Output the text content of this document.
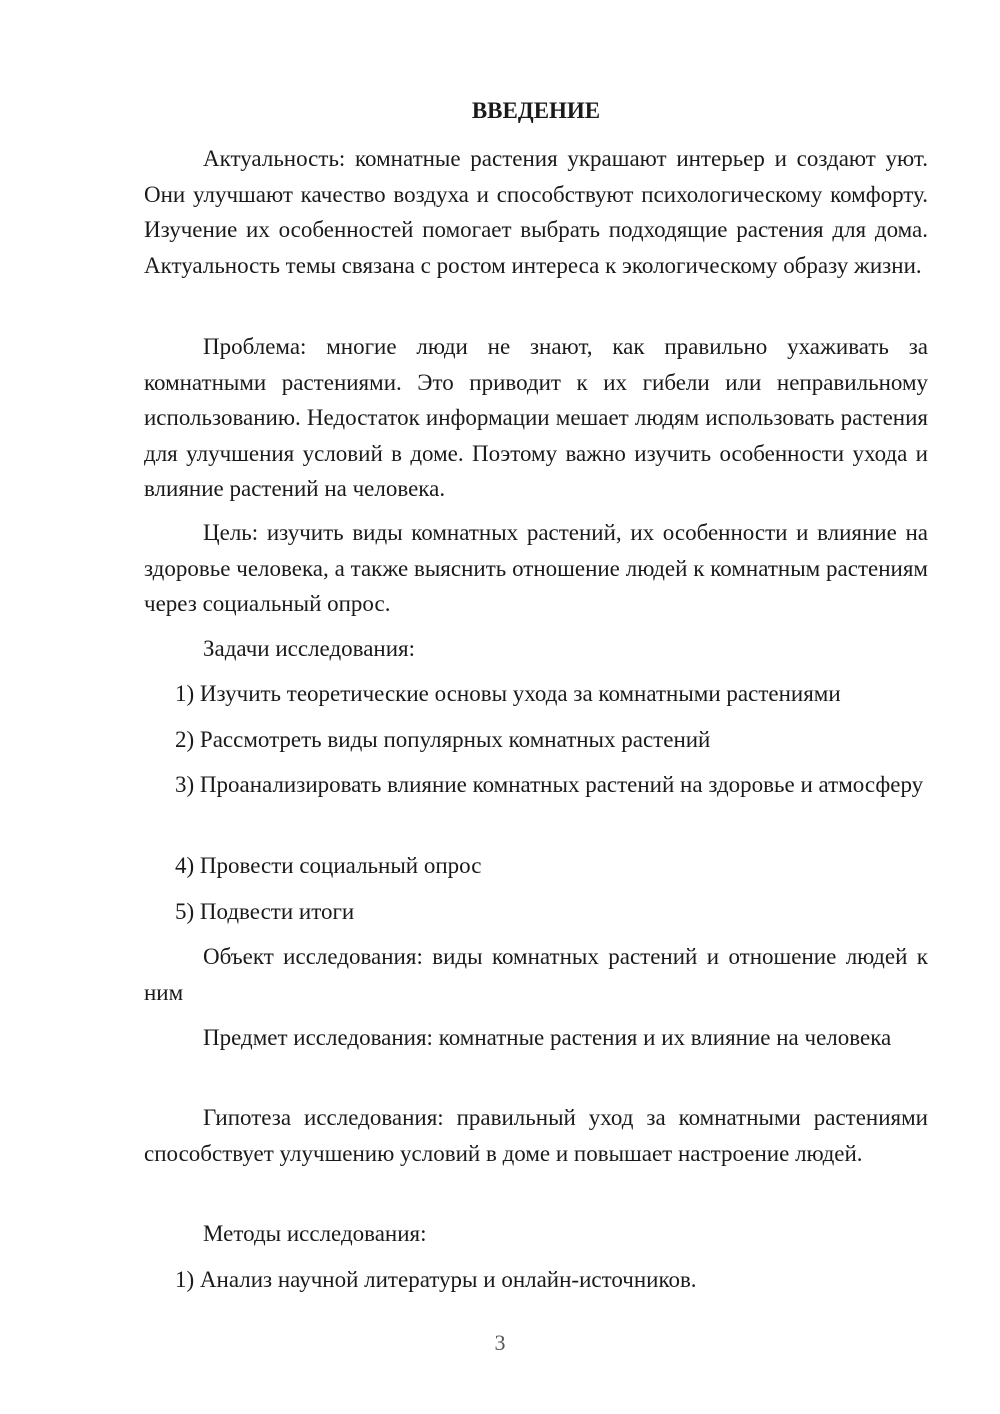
ВВЕДЕНИЕ

Актуальность: комнатные растения украшают интерьер и создают уют. Они улучшают качество воздуха и способствуют психологическому комфорту. Изучение их особенностей помогает выбрать подходящие растения для дома. Актуальность темы связана с ростом интереса к экологическому образу жизни.

Проблема: многие люди не знают, как правильно ухаживать за комнатными растениями. Это приводит к их гибели или неправильному использованию. Недостаток информации мешает людям использовать растения для улучшения условий в доме. Поэтому важно изучить особенности ухода и влияние растений на человека.

Цель: изучить виды комнатных растений, их особенности и влияние на здоровье человека, а также выяснить отношение людей к комнатным растениям через социальный опрос.

Задачи исследования:

1) Изучить теоретические основы ухода за комнатными растениями

2) Рассмотреть виды популярных комнатных растений

3) Проанализировать влияние комнатных растений на здоровье и атмосферу

4) Провести социальный опрос

5) Подвести итоги

Объект исследования: виды комнатных растений и отношение людей к ним

Предмет исследования: комнатные растения и их влияние на человека

Гипотеза исследования: правильный уход за комнатными растениями способствует улучшению условий в доме и повышает настроение людей.

Методы исследования:

1) Анализ научной литературы и онлайн-источников.

3
